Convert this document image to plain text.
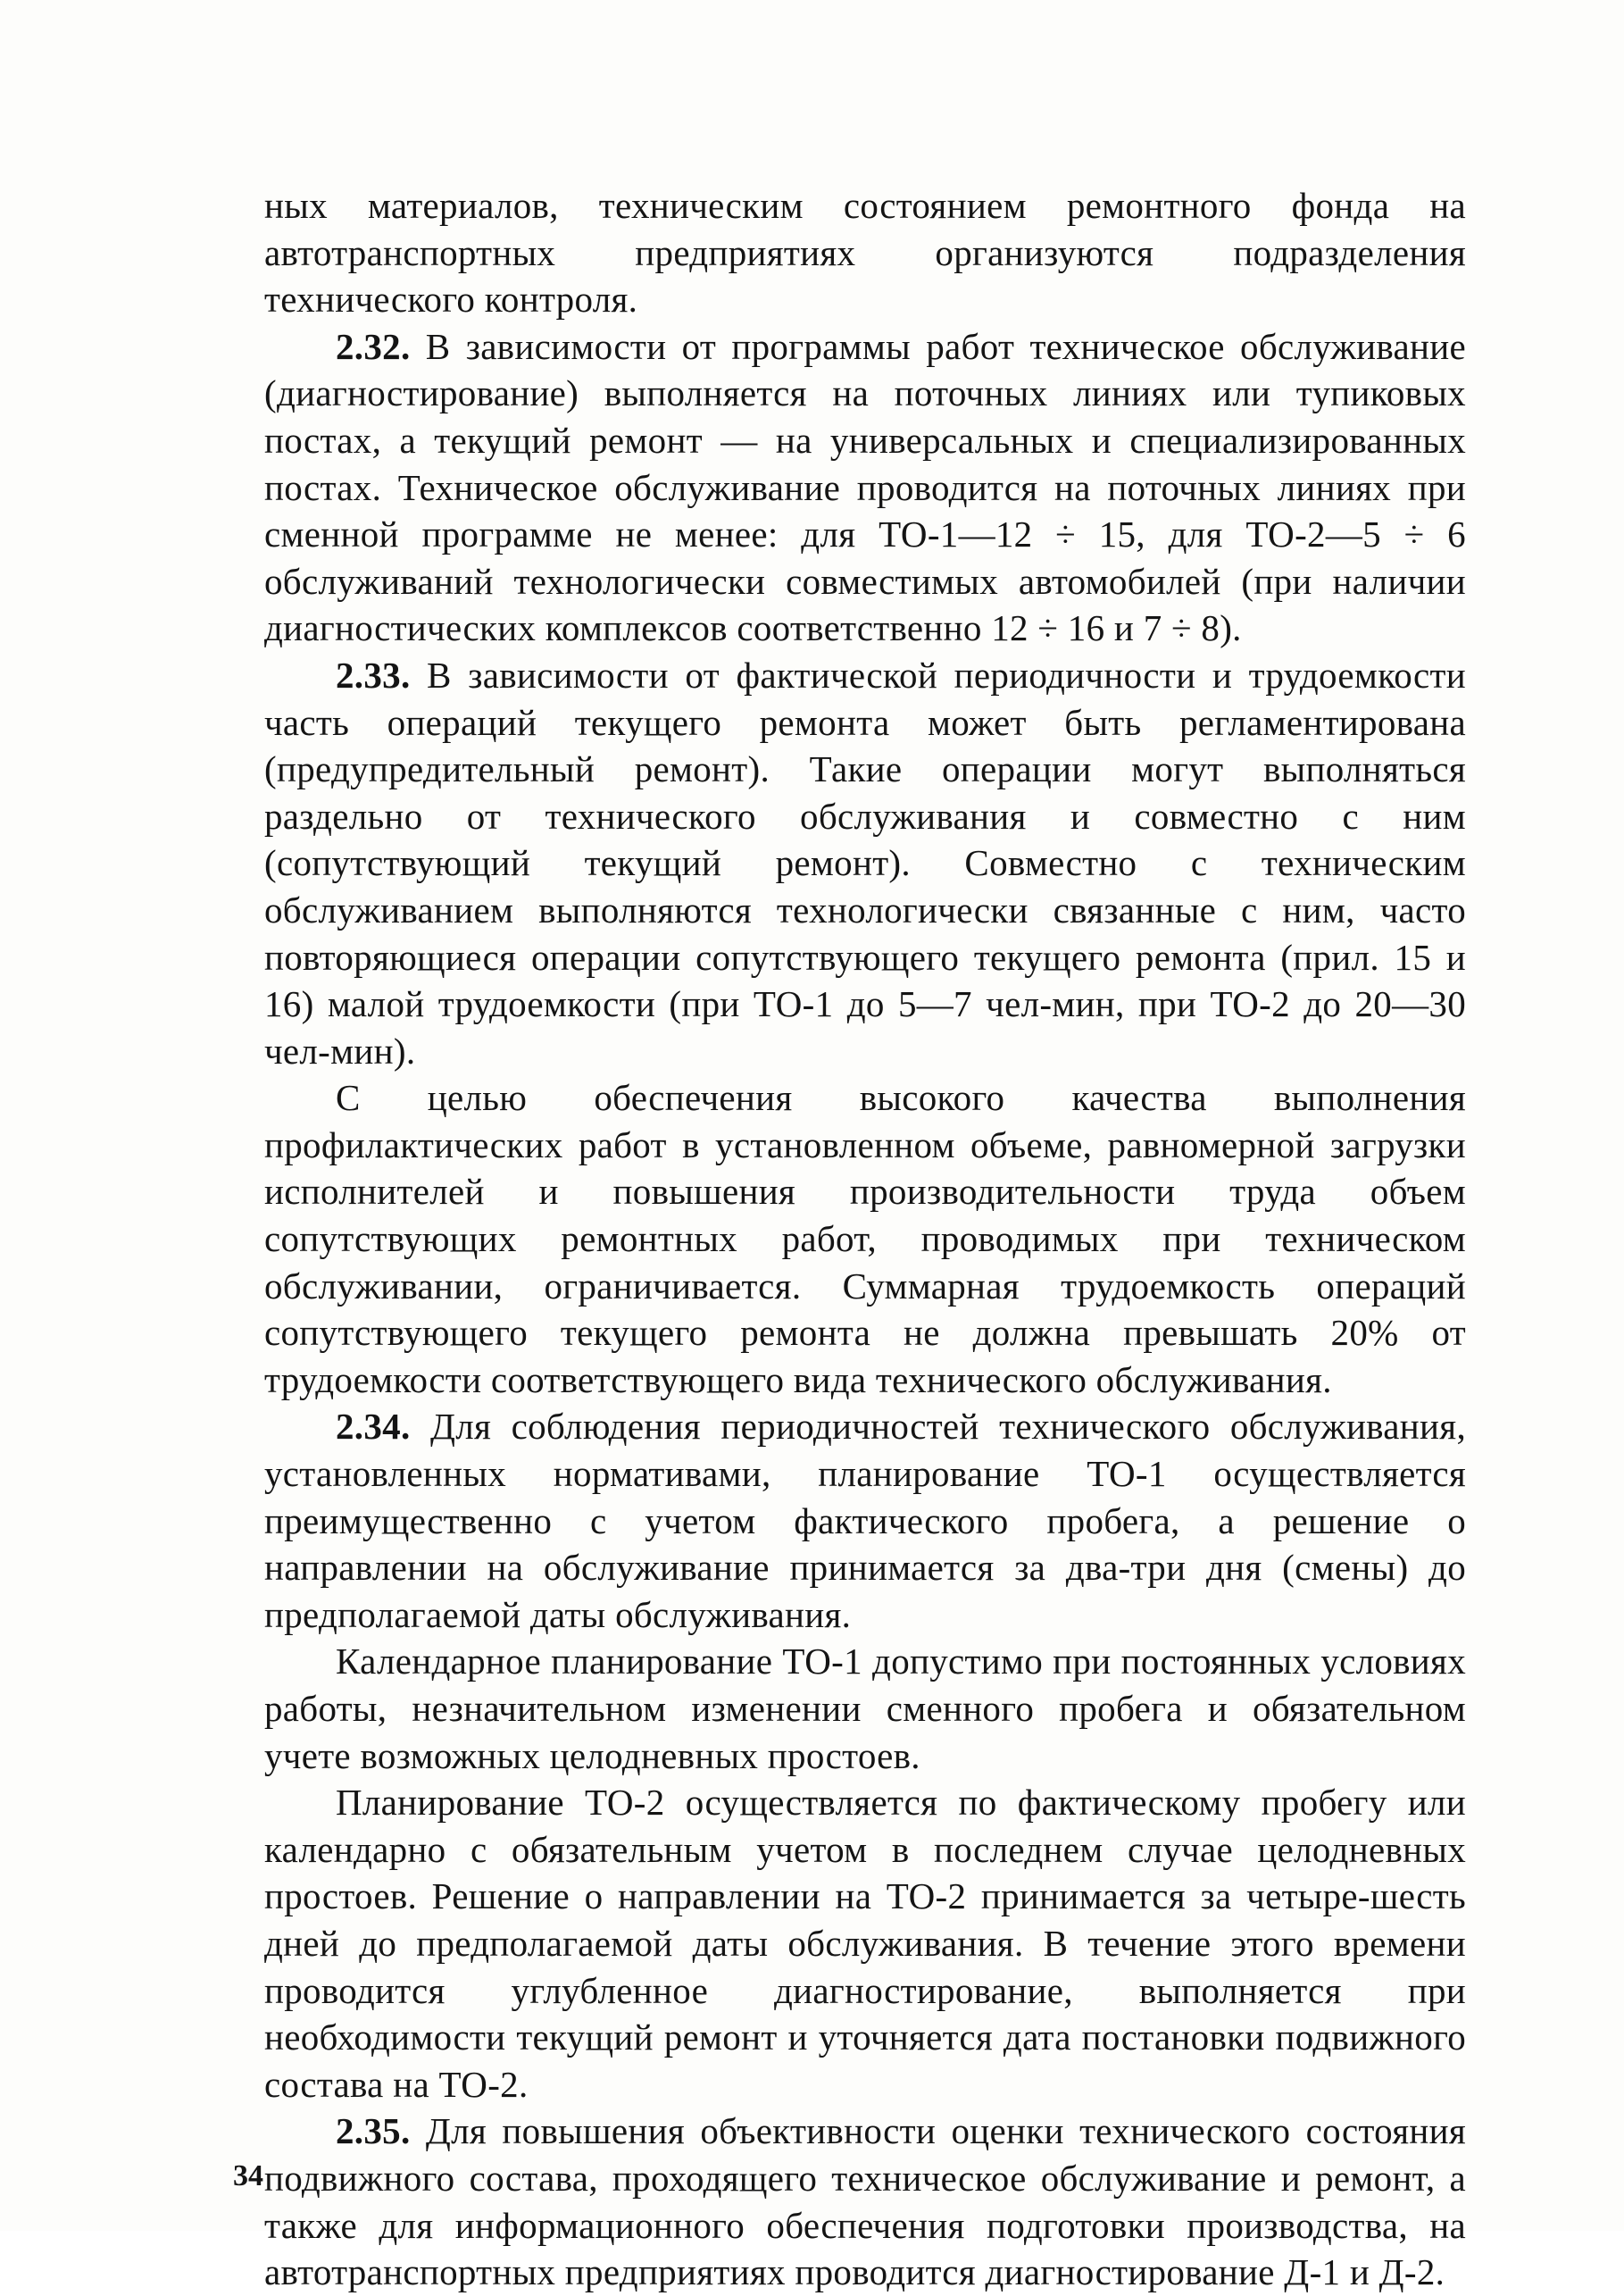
ных материалов, техническим состоянием ремонтного фонда на автотранспортных предприятиях организуются подразделения технического контроля.

2.32. В зависимости от программы работ техническое обслуживание (диагностирование) выполняется на поточных линиях или тупиковых постах, а текущий ремонт — на универсальных и специализированных постах. Техническое обслуживание проводится на поточных линиях при сменной программе не менее: для ТО-1—12 ÷ 15, для ТО-2—5 ÷ 6 обслуживаний технологически совместимых автомобилей (при наличии диагностических комплексов соответственно 12 ÷ 16 и 7 ÷ 8).

2.33. В зависимости от фактической периодичности и трудоемкости часть операций текущего ремонта может быть регламентирована (предупредительный ремонт). Такие операции могут выполняться раздельно от технического обслуживания и совместно с ним (сопутствующий текущий ремонт). Совместно с техническим обслуживанием выполняются технологически связанные с ним, часто повторяющиеся операции сопутствующего текущего ремонта (прил. 15 и 16) малой трудоемкости (при ТО-1 до 5—7 чел-мин, при ТО-2 до 20—30 чел-мин).

С целью обеспечения высокого качества выполнения профилактических работ в установленном объеме, равномерной загрузки исполнителей и повышения производительности труда объем сопутствующих ремонтных работ, проводимых при техническом обслуживании, ограничивается. Суммарная трудоемкость операций сопутствующего текущего ремонта не должна превышать 20% от трудоемкости соответствующего вида технического обслуживания.

2.34. Для соблюдения периодичностей технического обслуживания, установленных нормативами, планирование ТО-1 осуществляется преимущественно с учетом фактического пробега, а решение о направлении на обслуживание принимается за два-три дня (смены) до предполагаемой даты обслуживания.

Календарное планирование ТО-1 допустимо при постоянных условиях работы, незначительном изменении сменного пробега и обязательном учете возможных целодневных простоев.

Планирование ТО-2 осуществляется по фактическому пробегу или календарно с обязательным учетом в последнем случае целодневных простоев. Решение о направлении на ТО-2 принимается за четыре-шесть дней до предполагаемой даты обслуживания. В течение этого времени проводится углубленное диагностирование, выполняется при необходимости текущий ремонт и уточняется дата постановки подвижного состава на ТО-2.

2.35. Для повышения объективности оценки технического состояния подвижного состава, проходящего техническое обслуживание и ремонт, а также для информационного обеспечения подготовки производства, на автотранспортных предприятиях проводится диагностирование Д-1 и Д-2.

34
